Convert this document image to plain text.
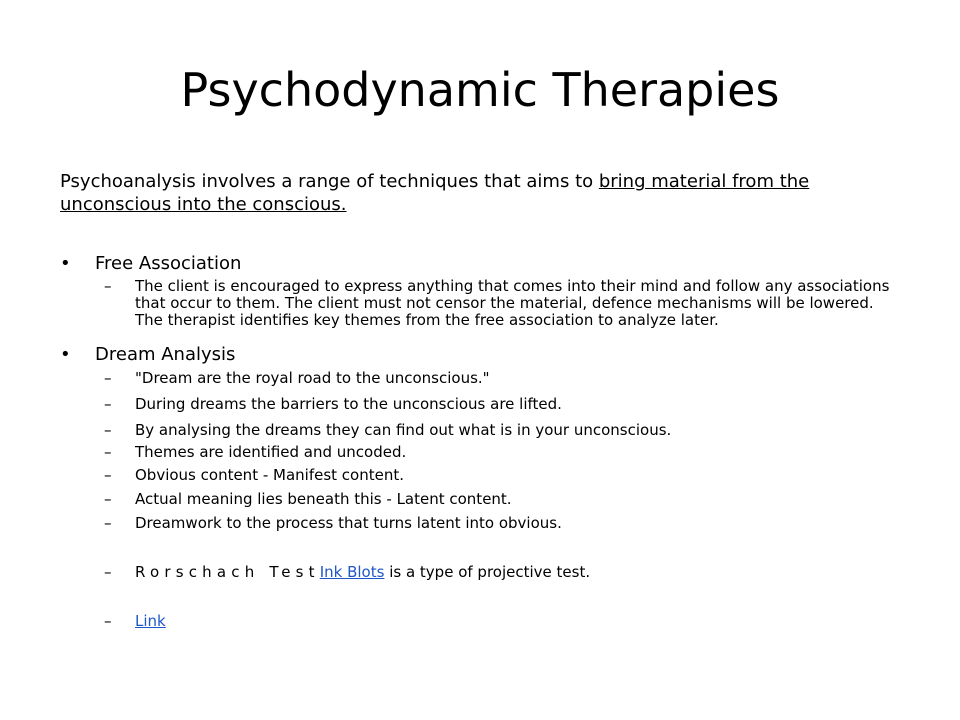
Psychodynamic Therapies
Psychoanalysis involves a range of techniques that aims to bring material from the unconscious into the conscious.
•	Free Association
– The client is encouraged to express anything that comes into their mind and follow any associations that occur to them. The client must not censor the material, defence mechanisms will be lowered. The therapist identifies key themes from the free association to analyze later.
•	Dream Analysis
– "Dream are the royal road to the unconscious."
– During dreams the barriers to the unconscious are lifted.
– By analysing the dreams they can find out what is in your unconscious.
– Themes are identified and uncoded.
– Obvious content - Manifest content.
– Actual meaning lies beneath this - Latent content.
– Dreamwork to the process that turns latent into obvious.
– Rorschach TestInk Blots is a type of projective test.
– Link
